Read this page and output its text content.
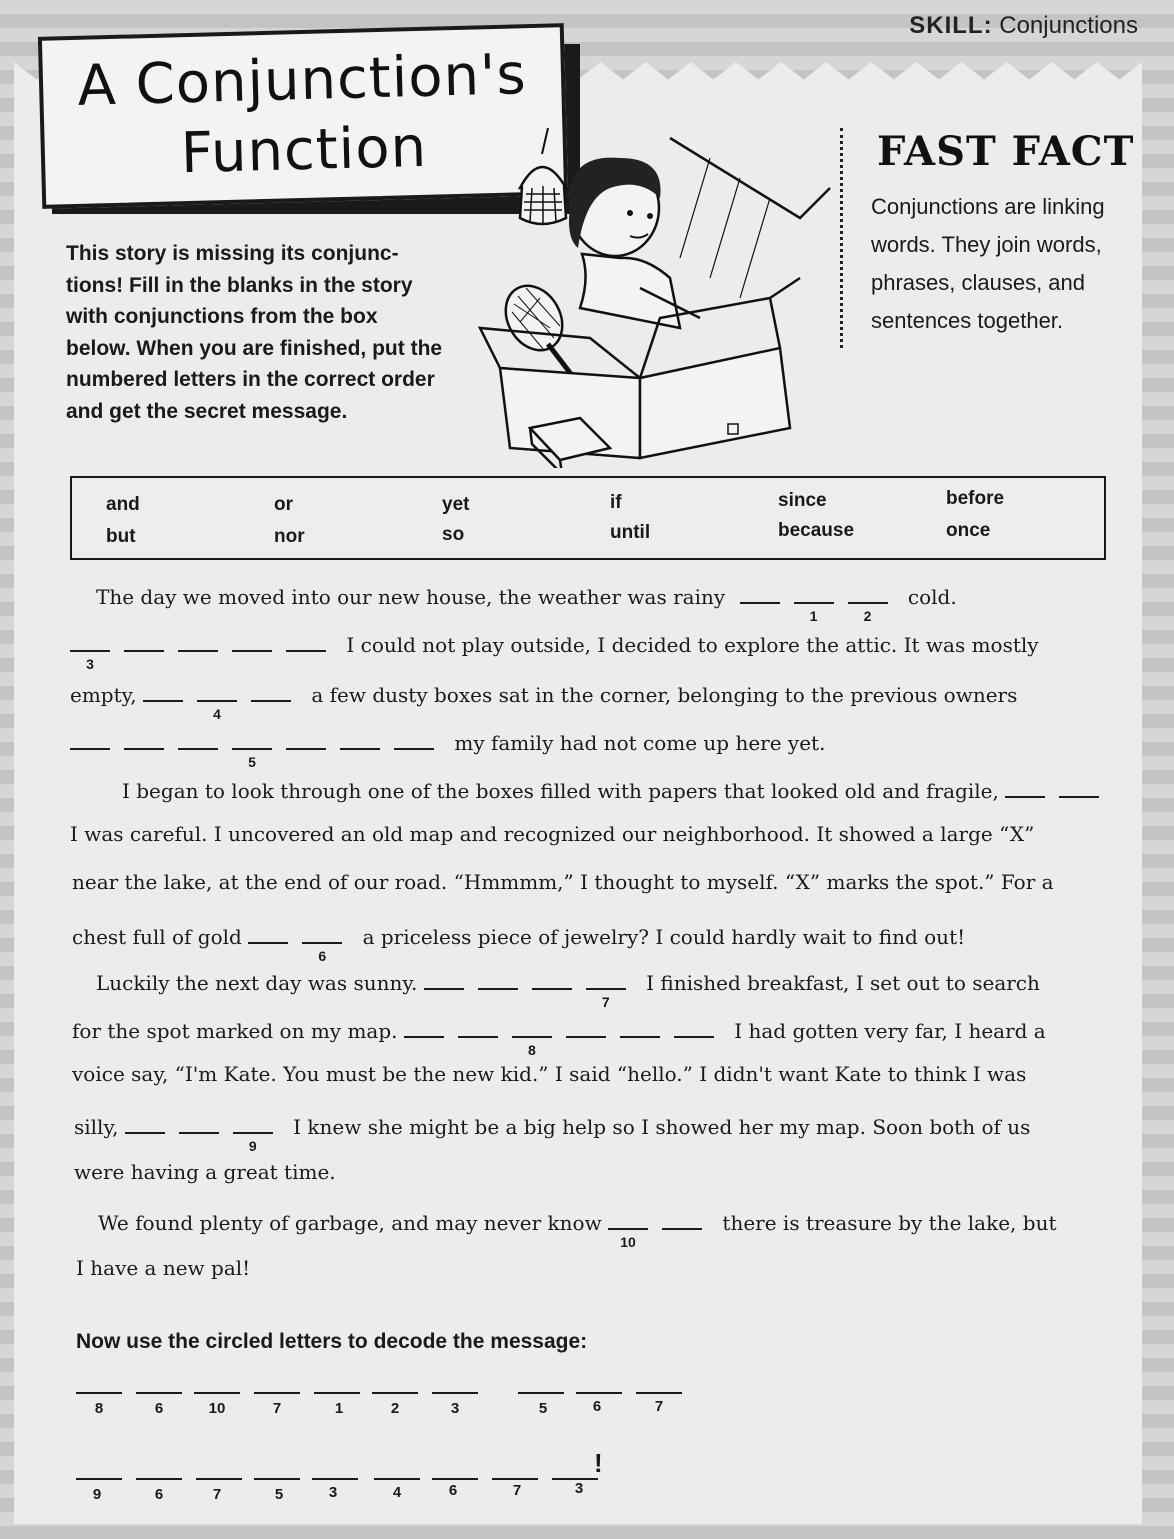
SKILL: Conjunctions
A Conjunction's
Function
This story is missing its conjunc- tions! Fill in the blanks in the story with conjunctions from the box below. When you are finished, put the numbered letters in the correct order and get the secret message.
FAST FACT
Conjunctions are linking words. They join words, phrases, clauses, and sentences together.
and	or	yet	if	since	before
but	nor	so	until	because	once
The day we moved into our new house, the weather was rainy
1	2
cold.
3
I could not play outside, I decided to explore the attic. It was mostly
empty,
4
a few dusty boxes sat in the corner, belonging to the previous owners
5
my family had not come up here yet.
I began to look through one of the boxes filled with papers that looked old and fragile,
I was careful. I uncovered an old map and recognized our neighborhood. It showed a large “X”
near the lake, at the end of our road. “Hmmmm,” I thought to myself. “X” marks the spot.” For a
chest full of gold
6
a priceless piece of jewelry? I could hardly wait to find out!
Luckily the next day was sunny.
7
I finished breakfast, I set out to search
for the spot marked on my map.
8
I had gotten very far, I heard a
voice say, “I'm Kate. You must be the new kid.” I said “hello.” I didn't want Kate to think I was
silly,
9
I knew she might be a big help so I showed her my map. Soon both of us
were having a great time.
We found plenty of garbage, and may never know
10
there is treasure by the lake, but
I have a new pal!
Now use the circled letters to decode the message:
8	6	10	7	1	2	3	5	6	7
9	6	7	5	3	4	6	7	3
!
